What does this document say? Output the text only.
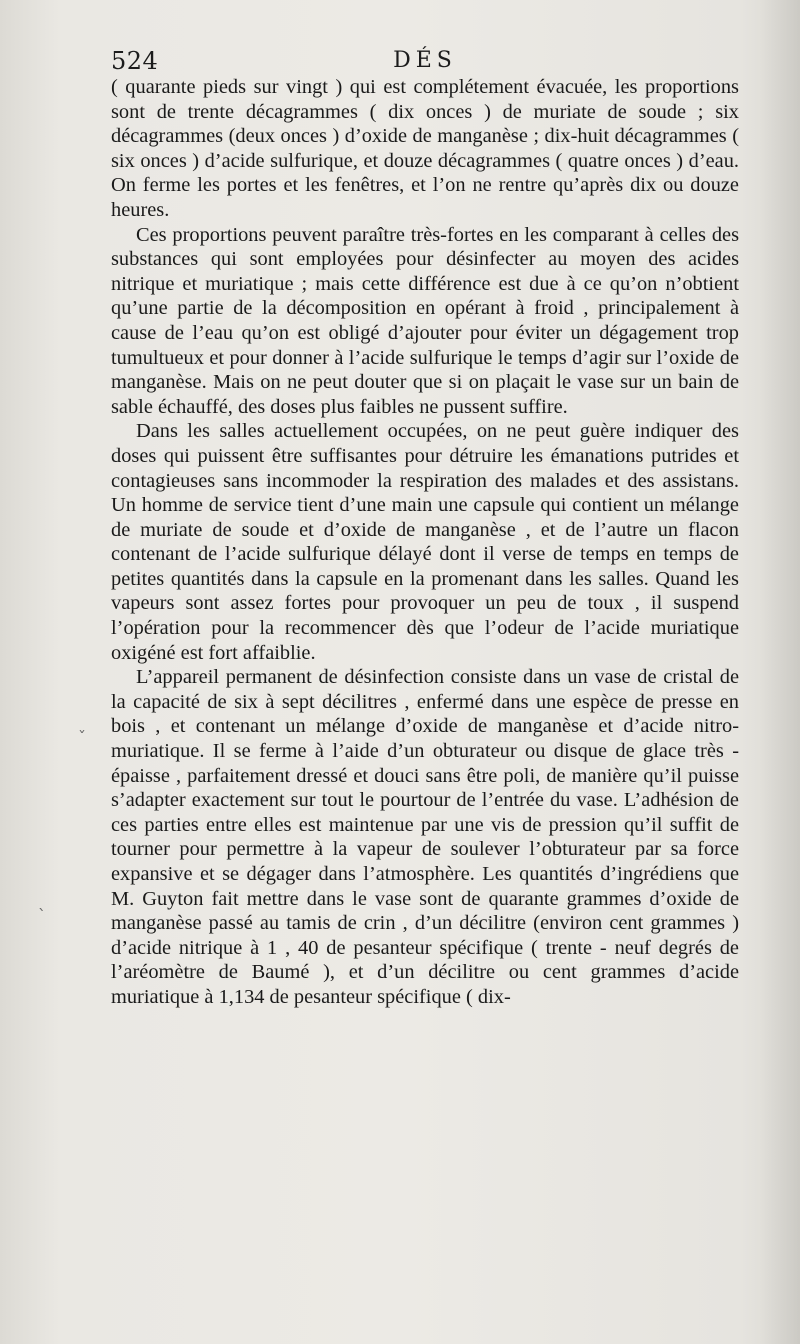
524	DÉS

( quarante pieds sur vingt ) qui est complétement évacuée, les proportions sont de trente décagrammes ( dix onces ) de muriate de soude ; six décagrammes (deux onces ) d’oxide de manganèse ; dix-huit décagrammes ( six onces ) d’acide sulfurique, et douze décagrammes ( quatre onces ) d’eau. On ferme les portes et les fenêtres, et l’on ne rentre qu’après dix ou douze heures.

Ces proportions peuvent paraître très-fortes en les comparant à celles des substances qui sont employées pour désinfecter au moyen des acides nitrique et muriatique ; mais cette différence est due à ce qu’on n’obtient qu’une partie de la décomposition en opérant à froid , principalement à cause de l’eau qu’on est obligé d’ajouter pour éviter un dégagement trop tumultueux et pour donner à l’acide sulfurique le temps d’agir sur l’oxide de manganèse. Mais on ne peut douter que si on plaçait le vase sur un bain de sable échauffé, des doses plus faibles ne pussent suffire.

Dans les salles actuellement occupées, on ne peut guère indiquer des doses qui puissent être suffisantes pour détruire les émanations putrides et contagieuses sans incommoder la respiration des malades et des assistans. Un homme de service tient d’une main une capsule qui contient un mélange de muriate de soude et d’oxide de manganèse , et de l’autre un flacon contenant de l’acide sulfurique délayé dont il verse de temps en temps de petites quantités dans la capsule en la promenant dans les salles. Quand les vapeurs sont assez fortes pour provoquer un peu de toux , il suspend l’opération pour la recommencer dès que l’odeur de l’acide muriatique oxigéné est fort affaiblie.

L’appareil permanent de désinfection consiste dans un vase de cristal de la capacité de six à sept décilitres , enfermé dans une espèce de presse en bois , et contenant un mélange d’oxide de manganèse et d’acide nitro-muriatique. Il se ferme à l’aide d’un obturateur ou disque de glace très - épaisse , parfaitement dressé et douci sans être poli, de manière qu’il puisse s’adapter exactement sur tout le pourtour de l’entrée du vase. L’adhésion de ces parties entre elles est maintenue par une vis de pression qu’il suffit de tourner pour permettre à la vapeur de soulever l’obturateur par sa force expansive et se dégager dans l’atmosphère. Les quantités d’ingrédiens que M. Guyton fait mettre dans le vase sont de quarante grammes d’oxide de manganèse passé au tamis de crin , d’un décilitre (environ cent grammes ) d’acide nitrique à 1 , 40 de pesanteur spécifique ( trente - neuf degrés de l’aréomètre de Baumé ), et d’un décilitre ou cent grammes d’acide muriatique à 1,134 de pesanteur spécifique ( dix-

ˇ
`
